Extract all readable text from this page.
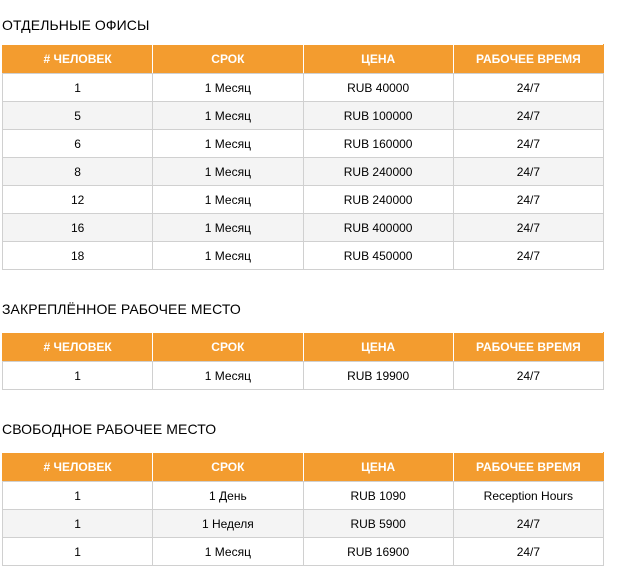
ОТДЕЛЬНЫЕ ОФИСЫ
# ЧЕЛОВЕК	СРОК	ЦЕНА	РАБОЧЕЕ ВРЕМЯ
1	1 Месяц	RUB 40000	24/7
5	1 Месяц	RUB 100000	24/7
6	1 Месяц	RUB 160000	24/7
8	1 Месяц	RUB 240000	24/7
12	1 Месяц	RUB 240000	24/7
16	1 Месяц	RUB 400000	24/7
18	1 Месяц	RUB 450000	24/7
ЗАКРЕПЛЁННОЕ РАБОЧЕЕ МЕСТО
# ЧЕЛОВЕК	СРОК	ЦЕНА	РАБОЧЕЕ ВРЕМЯ
1	1 Месяц	RUB 19900	24/7
СВОБОДНОЕ РАБОЧЕЕ МЕСТО
# ЧЕЛОВЕК	СРОК	ЦЕНА	РАБОЧЕЕ ВРЕМЯ
1	1 День	RUB 1090	Reception Hours
1	1 Неделя	RUB 5900	24/7
1	1 Месяц	RUB 16900	24/7
